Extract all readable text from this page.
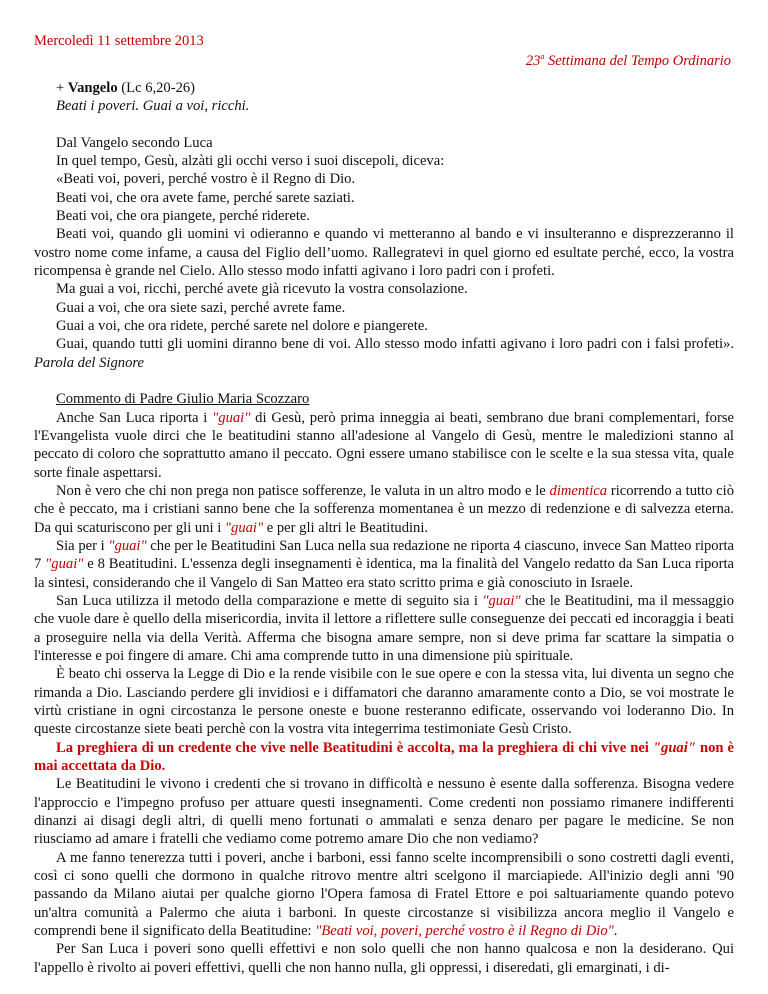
Mercoledì 11 settembre 2013
23$^a$ Settimana del Tempo Ordinario

+ Vangelo (Lc 6,20-26)

Beati i poveri. Guai a voi, ricchi.

Dal Vangelo secondo Luca

In quel tempo, Gesù, alzàti gli occhi verso i suoi discepoli, diceva:

«Beati voi, poveri, perché vostro è il Regno di Dio.

Beati voi, che ora avete fame, perché sarete saziati.

Beati voi, che ora piangete, perché riderete.

Beati voi, quando gli uomini vi odieranno e quando vi metteranno al bando e vi insulteranno e disprezzeranno il vostro nome come infame, a causa del Figlio dell’uomo. Rallegratevi in quel giorno ed esultate perché, ecco, la vostra ricompensa è grande nel Cielo. Allo stesso modo infatti agivano i loro padri con i profeti.

Ma guai a voi, ricchi, perché avete già ricevuto la vostra consolazione.

Guai a voi, che ora siete sazi, perché avrete fame.

Guai a voi, che ora ridete, perché sarete nel dolore e piangerete.

Guai, quando tutti gli uomini diranno bene di voi. Allo stesso modo infatti agivano i loro padri con i falsi profeti». Parola del Signore

Commento di Padre Giulio Maria Scozzaro

Anche San Luca riporta i "guai" di Gesù, però prima inneggia ai beati, sembrano due brani complementari, forse l'Evangelista vuole dirci che le beatitudini stanno all'adesione al Vangelo di Gesù, mentre le maledizioni stanno al peccato di coloro che soprattutto amano il peccato. Ogni essere umano stabilisce con le scelte e la sua stessa vita, quale sorte finale aspettarsi.

Non è vero che chi non prega non patisce sofferenze, le valuta in un altro modo e le dimentica ricorrendo a tutto ciò che è peccato, ma i cristiani sanno bene che la sofferenza momentanea è un mezzo di redenzione e di salvezza eterna. Da qui scaturiscono per gli uni i "guai" e per gli altri le Beatitudini.

Sia per i "guai" che per le Beatitudini San Luca nella sua redazione ne riporta 4 ciascuno, invece San Matteo riporta 7 "guai" e 8 Beatitudini. L'essenza degli insegnamenti è identica, ma la finalità del Vangelo redatto da San Luca riporta la sintesi, considerando che il Vangelo di San Matteo era stato scritto prima e già conosciuto in Israele.

San Luca utilizza il metodo della comparazione e mette di seguito sia i "guai" che le Beatitudini, ma il messaggio che vuole dare è quello della misericordia, invita il lettore a riflettere sulle conseguenze dei peccati ed incoraggia i beati a proseguire nella via della Verità. Afferma che bisogna amare sempre, non si deve prima far scattare la simpatia o l'interesse e poi fingere di amare. Chi ama comprende tutto in una dimensione più spirituale.

È beato chi osserva la Legge di Dio e la rende visibile con le sue opere e con la stessa vita, lui diventa un segno che rimanda a Dio. Lasciando perdere gli invidiosi e i diffamatori che daranno amaramente conto a Dio, se voi mostrate le virtù cristiane in ogni circostanza le persone oneste e buone resteranno edificate, osservando voi loderanno Dio. In queste circostanze siete beati perchè con la vostra vita integerrima testimoniate Gesù Cristo.

La preghiera di un credente che vive nelle Beatitudini è accolta, ma la preghiera di chi vive nei "guai" non è mai accettata da Dio.

Le Beatitudini le vivono i credenti che si trovano in difficoltà e nessuno è esente dalla sofferenza. Bisogna vedere l'approccio e l'impegno profuso per attuare questi insegnamenti. Come credenti non possiamo rimanere indifferenti dinanzi ai disagi degli altri, di quelli meno fortunati o ammalati e senza denaro per pagare le medicine. Se non riusciamo ad amare i fratelli che vediamo come potremo amare Dio che non vediamo?

A me fanno tenerezza tutti i poveri, anche i barboni, essi fanno scelte incomprensibili o sono costretti dagli eventi, così ci sono quelli che dormono in qualche ritrovo mentre altri scelgono il marciapiede. All'inizio degli anni '90 passando da Milano aiutai per qualche giorno l'Opera famosa di Fratel Ettore e poi saltuariamente quando potevo un'altra comunità a Palermo che aiuta i barboni. In queste circostanze si visibilizza ancora meglio il Vangelo e comprendi bene il significato della Beatitudine: "Beati voi, poveri, perché vostro è il Regno di Dio".

Per San Luca i poveri sono quelli effettivi e non solo quelli che non hanno qualcosa e non la desiderano. Qui l'appello è rivolto ai poveri effettivi, quelli che non hanno nulla, gli oppressi, i diseredati, gli emarginati, i di-
